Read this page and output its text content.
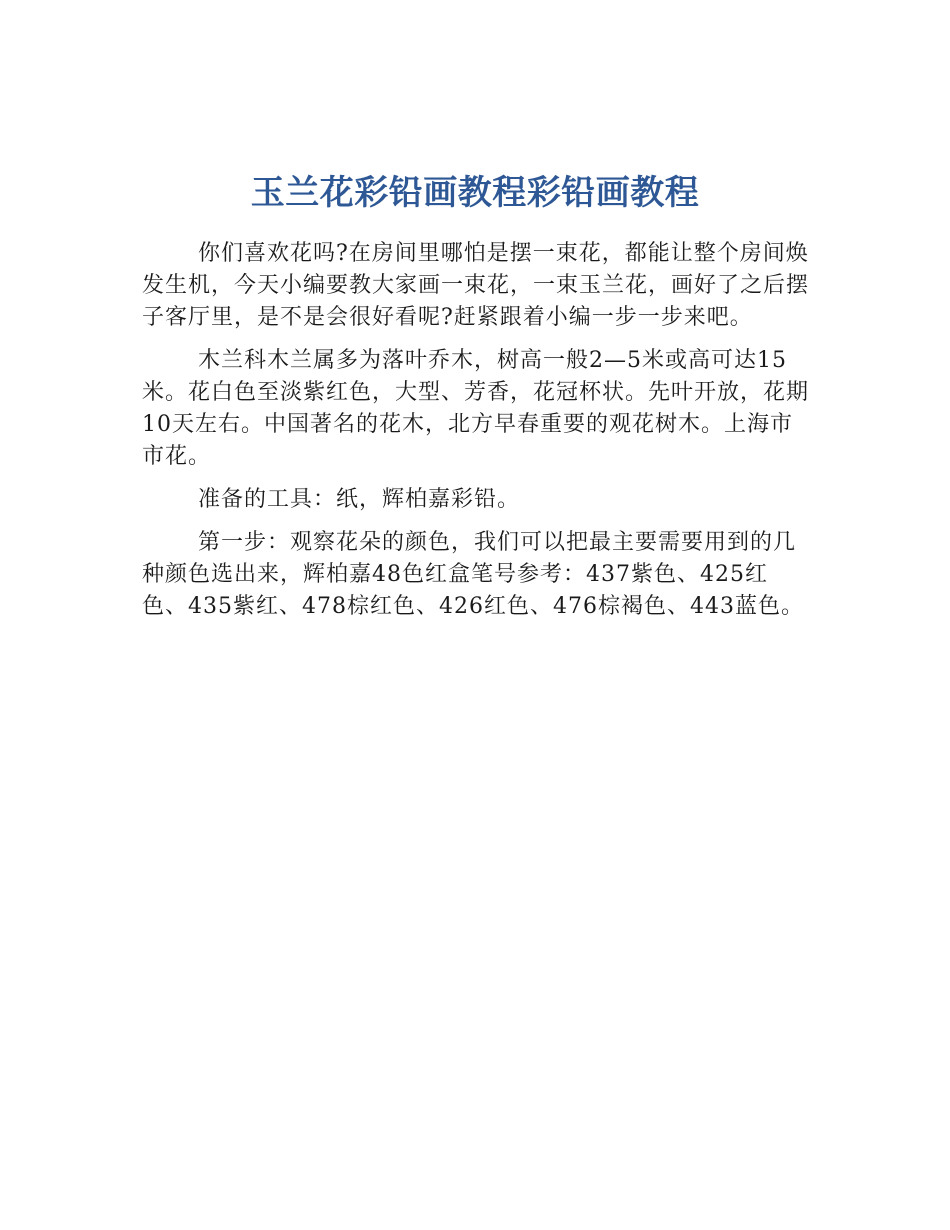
玉兰花彩铅画教程彩铅画教程

你们喜欢花吗?在房间里哪怕是摆一束花，都能让整个房间焕发生机，今天小编要教大家画一束花，一束玉兰花，画好了之后摆子客厅里，是不是会很好看呢?赶紧跟着小编一步一步来吧。

木兰科木兰属多为落叶乔木，树高一般2—5米或高可达15米。花白色至淡紫红色，大型、芳香，花冠杯状。先叶开放，花期10天左右。中国著名的花木，北方早春重要的观花树木。上海市市花。

准备的工具：纸，辉柏嘉彩铅。

第一步：观察花朵的颜色，我们可以把最主要需要用到的几种颜色选出来，辉柏嘉48色红盒笔号参考：437紫色、425红色、435紫红、478棕红色、426红色、476棕褐色、443蓝色。
